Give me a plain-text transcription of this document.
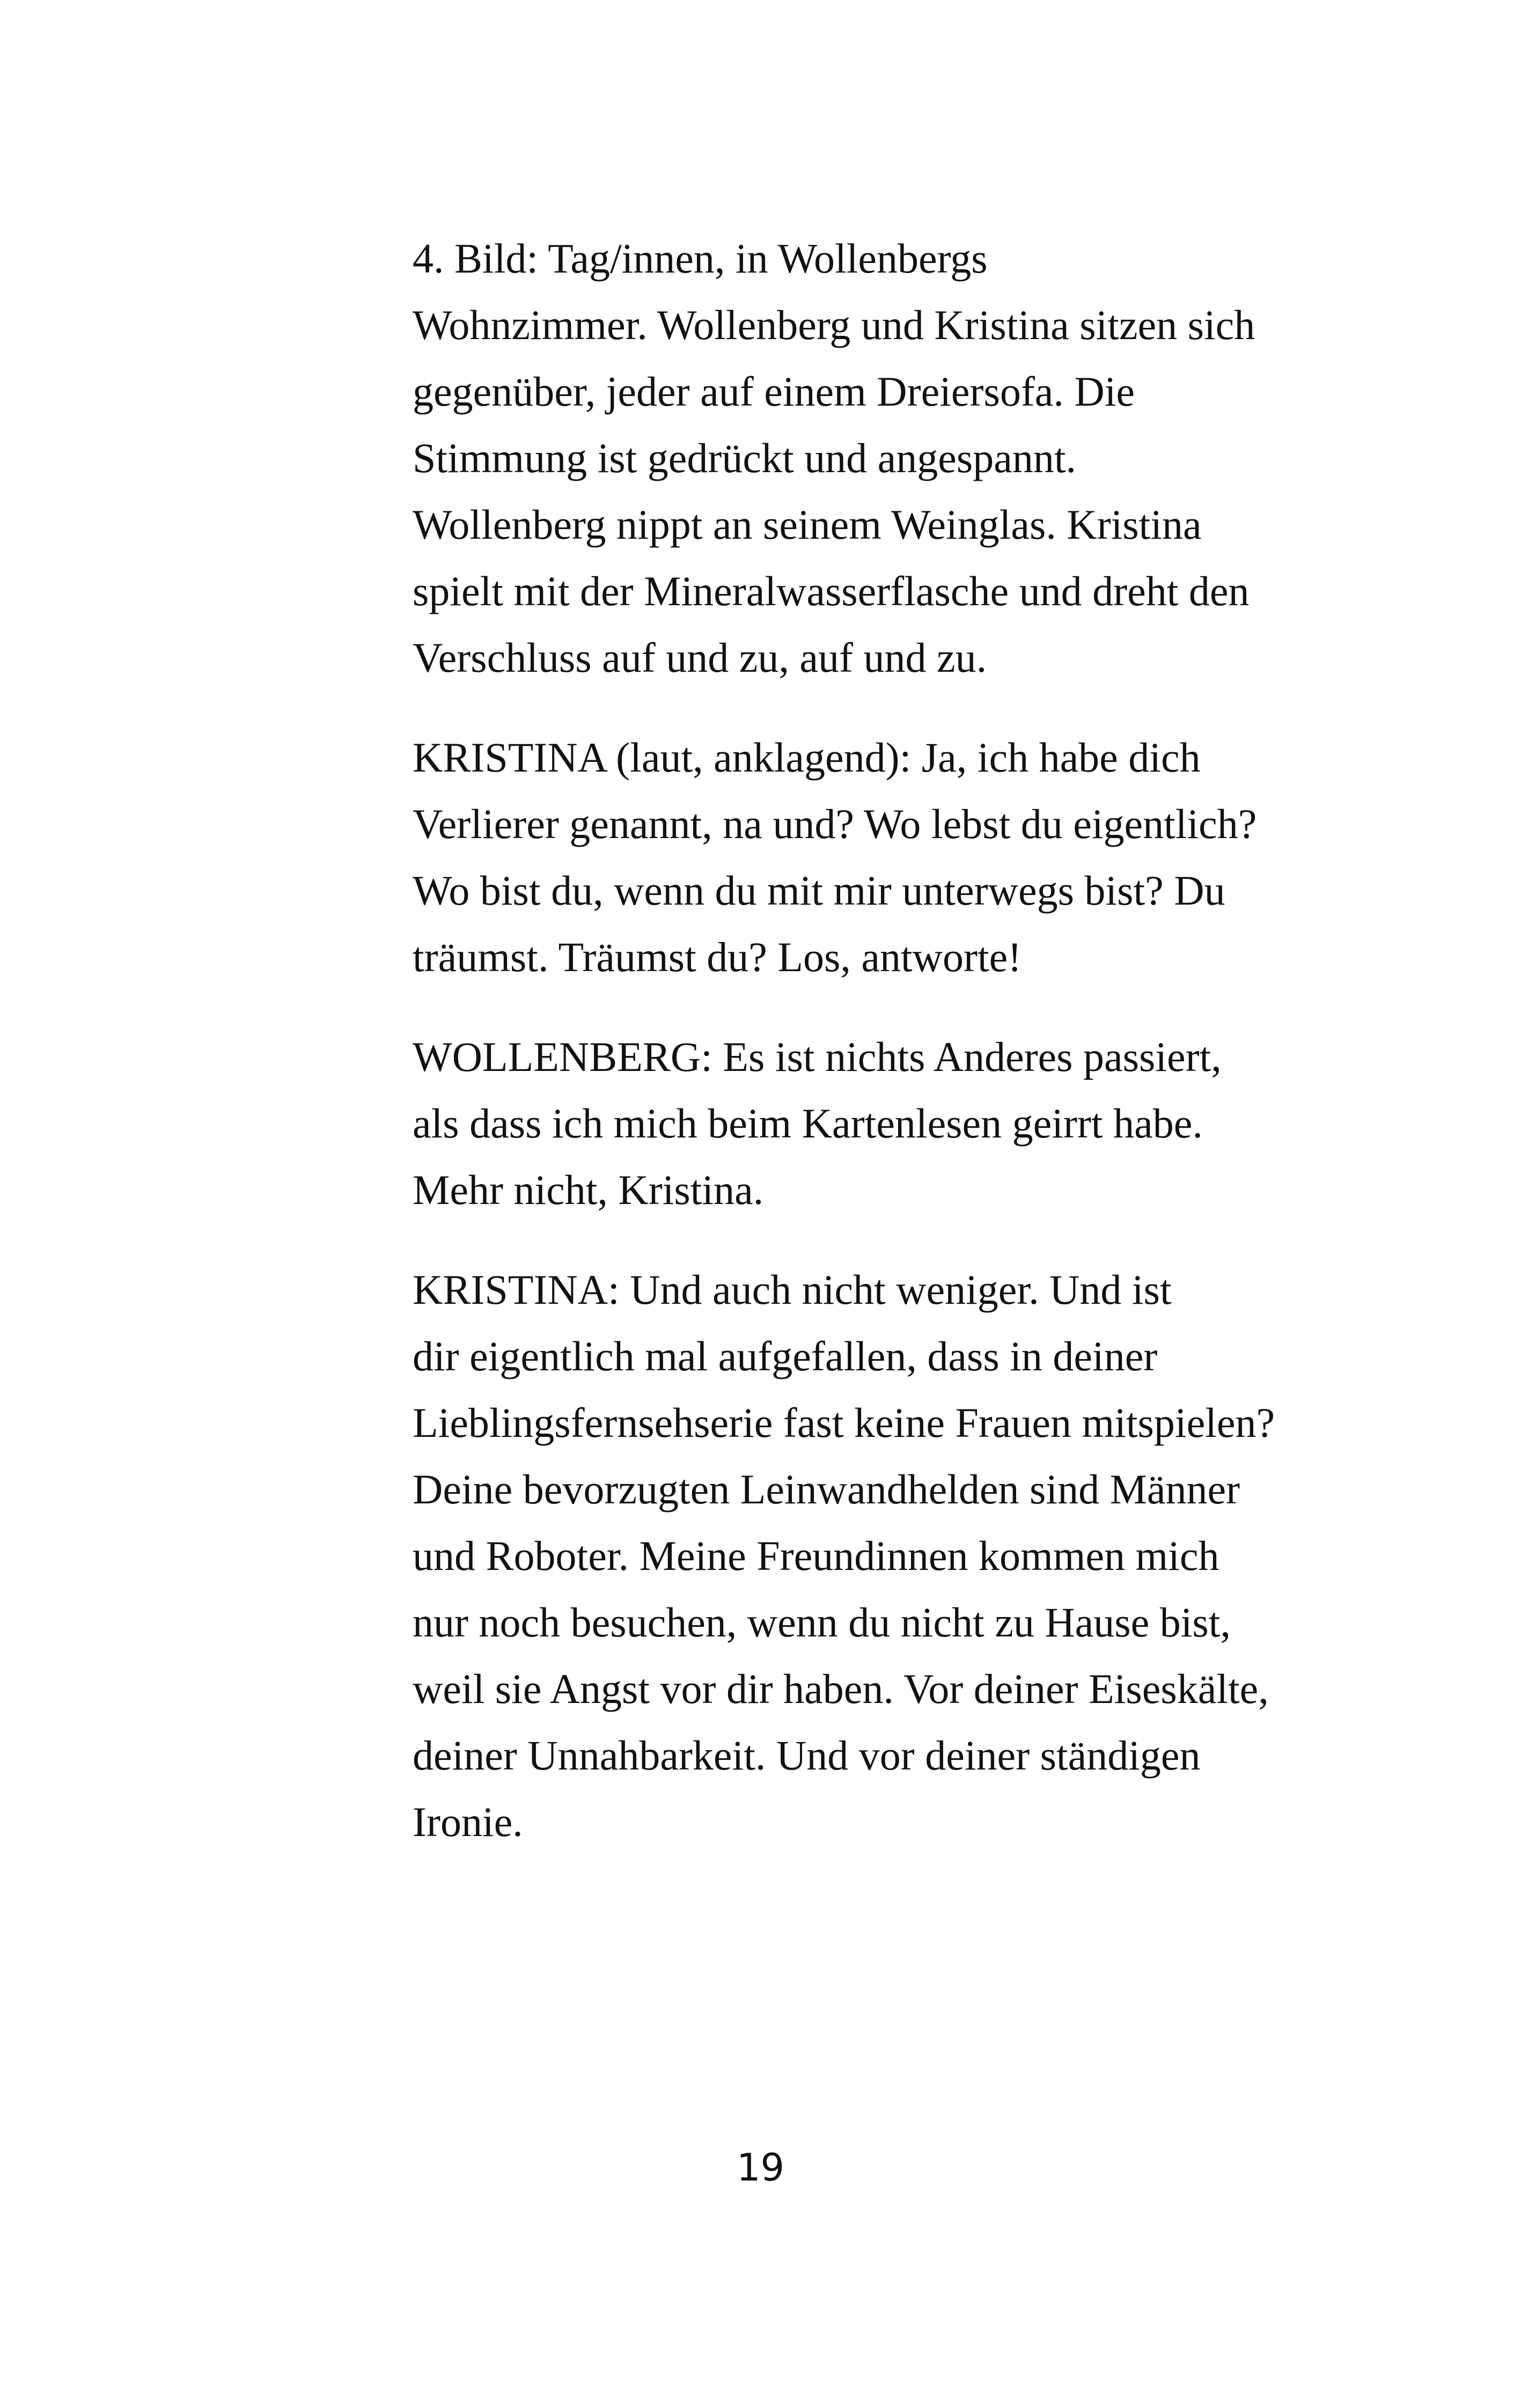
4. Bild: Tag/innen, in Wollenbergs
Wohnzimmer. Wollenberg und Kristina sitzen sich
gegenüber, jeder auf einem Dreiersofa. Die
Stimmung ist gedrückt und angespannt.
Wollenberg nippt an seinem Weinglas. Kristina
spielt mit der Mineralwasserflasche und dreht den
Verschluss auf und zu, auf und zu.

KRISTINA (laut, anklagend): Ja, ich habe dich
Verlierer genannt, na und? Wo lebst du eigentlich?
Wo bist du, wenn du mit mir unterwegs bist? Du
träumst. Träumst du? Los, antworte!

WOLLENBERG: Es ist nichts Anderes passiert,
als dass ich mich beim Kartenlesen geirrt habe.
Mehr nicht, Kristina.

KRISTINA: Und auch nicht weniger. Und ist
dir eigentlich mal aufgefallen, dass in deiner
Lieblingsfernsehserie fast keine Frauen mitspielen?
Deine bevorzugten Leinwandhelden sind Männer
und Roboter. Meine Freundinnen kommen mich
nur noch besuchen, wenn du nicht zu Hause bist,
weil sie Angst vor dir haben. Vor deiner Eiseskälte,
deiner Unnahbarkeit. Und vor deiner ständigen
Ironie.

19
